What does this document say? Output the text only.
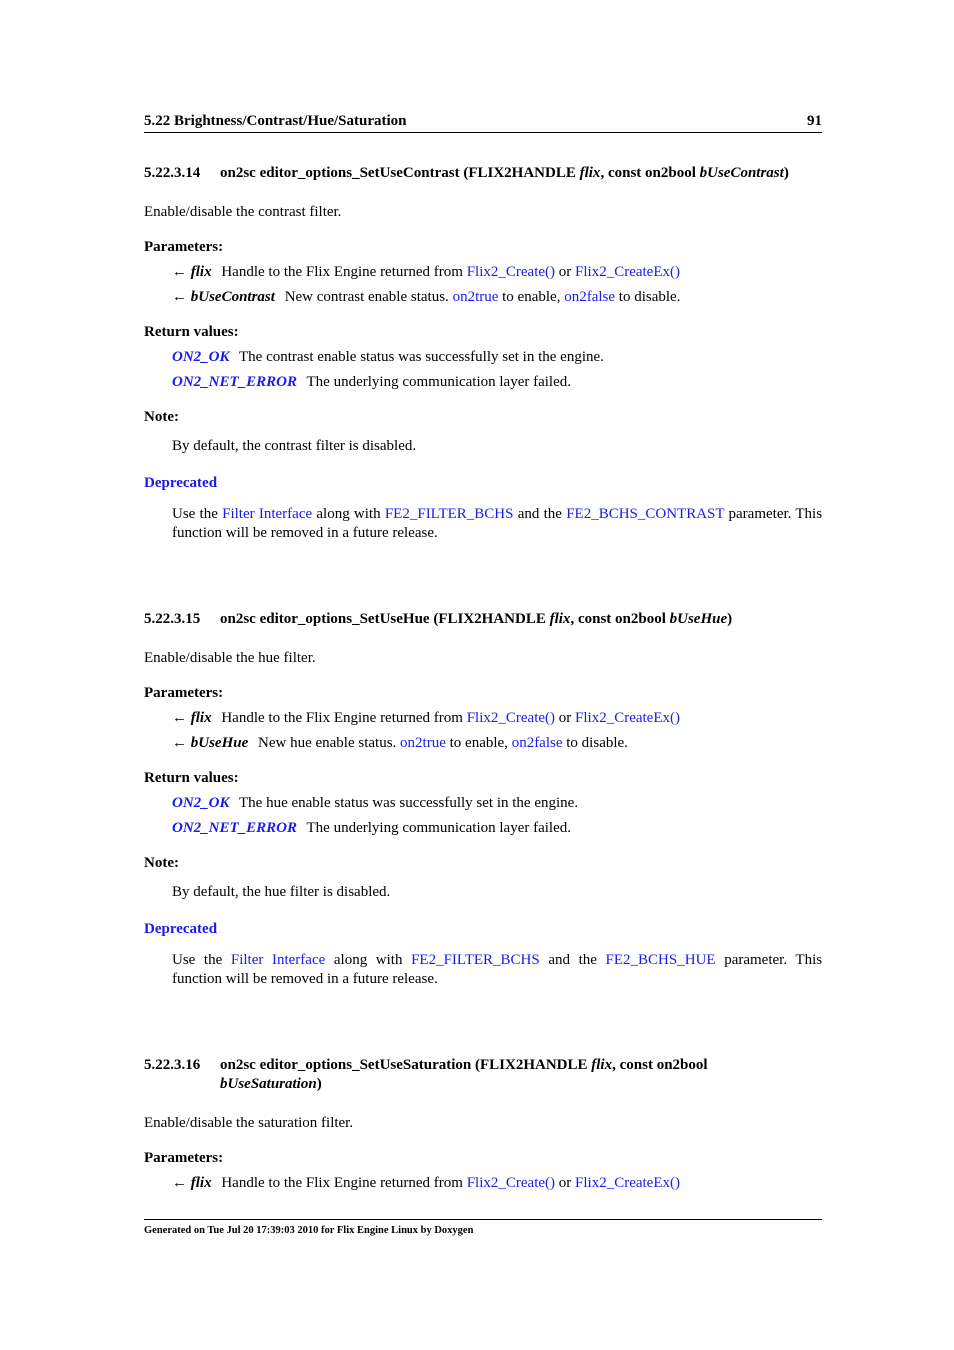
5.22 Brightness/Contrast/Hue/Saturation	91
5.22.3.14	on2sc editor_options_SetUseContrast (FLIX2HANDLE flix, const on2bool bUseContrast)
Enable/disable the contrast filter.
Parameters:
← flix Handle to the Flix Engine returned from Flix2_Create() or Flix2_CreateEx()
← bUseContrast New contrast enable status. on2true to enable, on2false to disable.
Return values:
ON2_OK The contrast enable status was successfully set in the engine.
ON2_NET_ERROR The underlying communication layer failed.
Note:
By default, the contrast filter is disabled.
Deprecated
Use the Filter Interface along with FE2_FILTER_BCHS and the FE2_BCHS_CONTRAST parameter. This function will be removed in a future release.
5.22.3.15	on2sc editor_options_SetUseHue (FLIX2HANDLE flix, const on2bool bUseHue)
Enable/disable the hue filter.
Parameters:
← flix Handle to the Flix Engine returned from Flix2_Create() or Flix2_CreateEx()
← bUseHue New hue enable status. on2true to enable, on2false to disable.
Return values:
ON2_OK The hue enable status was successfully set in the engine.
ON2_NET_ERROR The underlying communication layer failed.
Note:
By default, the hue filter is disabled.
Deprecated
Use the Filter Interface along with FE2_FILTER_BCHS and the FE2_BCHS_HUE parameter. This function will be removed in a future release.
5.22.3.16	on2sc editor_options_SetUseSaturation (FLIX2HANDLE flix, const on2bool
bUseSaturation)
Enable/disable the saturation filter.
Parameters:
← flix Handle to the Flix Engine returned from Flix2_Create() or Flix2_CreateEx()
Generated on Tue Jul 20 17:39:03 2010 for Flix Engine Linux by Doxygen
